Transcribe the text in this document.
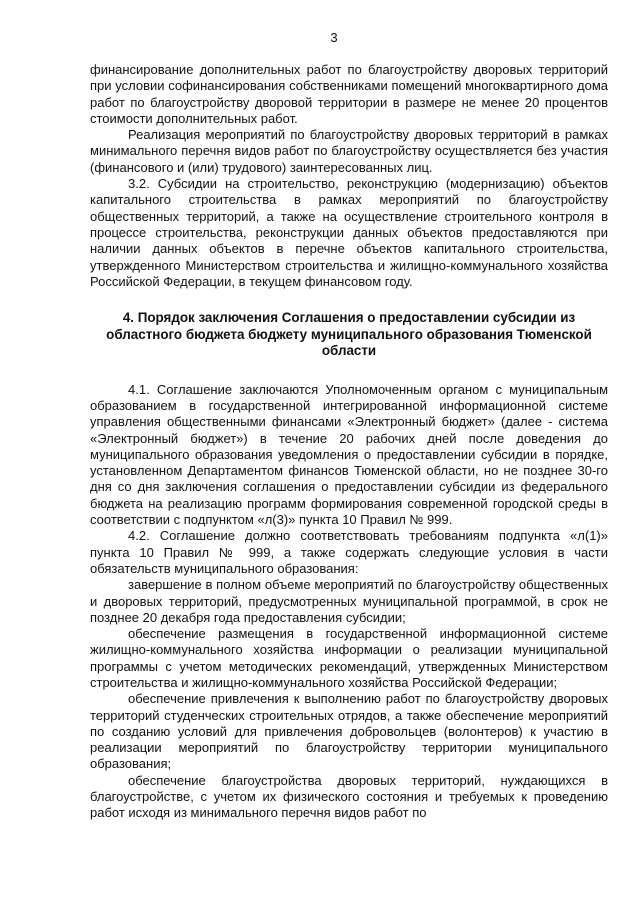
3

финансирование дополнительных работ по благоустройству дворовых территорий при условии софинансирования собственниками помещений многоквартирного дома работ по благоустройству дворовой территории в размере не менее 20 процентов стоимости дополнительных работ.

Реализация мероприятий по благоустройству дворовых территорий в рамках минимального перечня видов работ по благоустройству осуществляется без участия (финансового и (или) трудового) заинтересованных лиц.

3.2. Субсидии на строительство, реконструкцию (модернизацию) объектов капитального строительства в рамках мероприятий по благоустройству общественных территорий, а также на осуществление строительного контроля в процессе строительства, реконструкции данных объектов предоставляются при наличии данных объектов в перечне объектов капитального строительства, утвержденного Министерством строительства и жилищно-коммунального хозяйства Российской Федерации, в текущем финансовом году.

4. Порядок заключения Соглашения о предоставлении субсидии из областного бюджета бюджету муниципального образования Тюменской области

4.1. Соглашение заключаются Уполномоченным органом с муниципальным образованием в государственной интегрированной информационной системе управления общественными финансами «Электронный бюджет» (далее - система «Электронный бюджет») в течение 20 рабочих дней после доведения до муниципального образования уведомления о предоставлении субсидии в порядке, установленном Департаментом финансов Тюменской области, но не позднее 30-го дня со дня заключения соглашения о предоставлении субсидии из федерального бюджета на реализацию программ формирования современной городской среды в соответствии с подпунктом «л(3)» пункта 10 Правил № 999.

4.2. Соглашение должно соответствовать требованиям подпункта «л(1)» пункта 10 Правил № 999, а также содержать следующие условия в части обязательств муниципального образования:

завершение в полном объеме мероприятий по благоустройству общественных и дворовых территорий, предусмотренных муниципальной программой, в срок не позднее 20 декабря года предоставления субсидии;

обеспечение размещения в государственной информационной системе жилищно-коммунального хозяйства информации о реализации муниципальной программы с учетом методических рекомендаций, утвержденных Министерством строительства и жилищно-коммунального хозяйства Российской Федерации;

обеспечение привлечения к выполнению работ по благоустройству дворовых территорий студенческих строительных отрядов, а также обеспечение мероприятий по созданию условий для привлечения добровольцев (волонтеров) к участию в реализации мероприятий по благоустройству территории муниципального образования;

обеспечение благоустройства дворовых территорий, нуждающихся в благоустройстве, с учетом их физического состояния и требуемых к проведению работ исходя из минимального перечня видов работ по
